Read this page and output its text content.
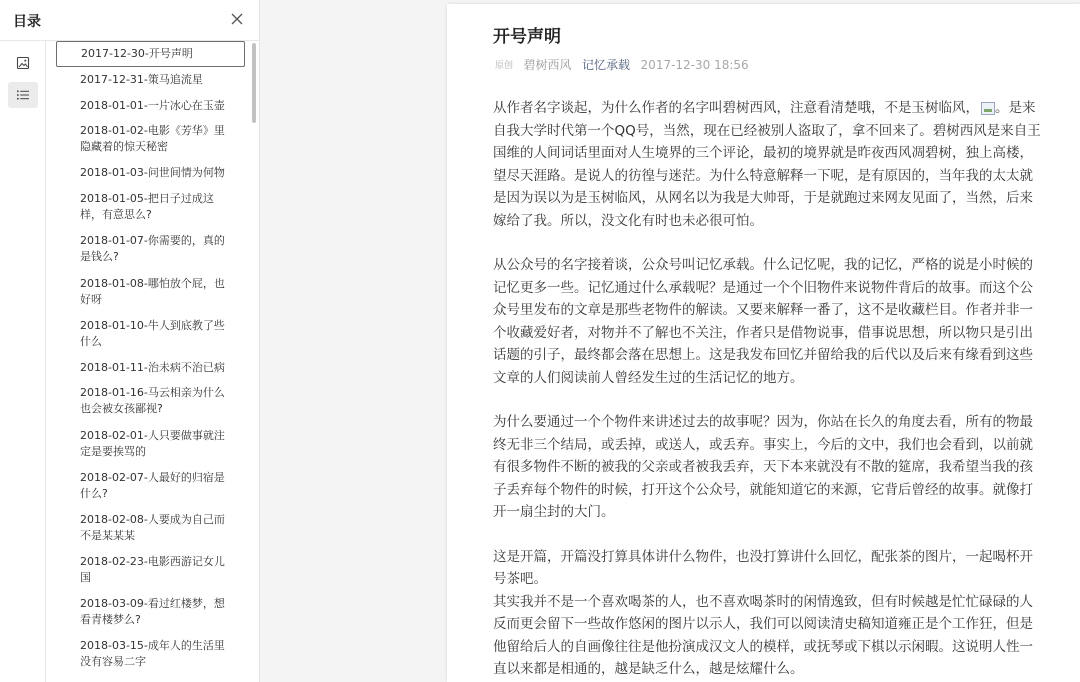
目录
2017-12-30-开号声明
2017-12-31-策马追流星
2018-01-01-一片冰心在玉壶
2018-01-02-电影《芳华》里隐藏着的惊天秘密
2018-01-03-问世间情为何物
2018-01-05-把日子过成这样，有意思么?
2018-01-07-你需要的，真的是钱么?
2018-01-08-哪怕放个屁，也好呀
2018-01-10-牛人到底教了些什么
2018-01-11-治未病不治已病
2018-01-16-马云相亲为什么也会被女孩鄙视?
2018-02-01-人只要做事就注定是要挨骂的
2018-02-07-人最好的归宿是什么?
2018-02-08-人要成为自己而不是某某某
2018-02-23-电影西游记女儿国
2018-03-09-看过红楼梦，想看青楼梦么?
2018-03-15-成年人的生活里没有容易二字
开号声明
原创 碧树西风 记忆承载 2017-12-30 18:56

从作者名字谈起，为什么作者的名字叫碧树西风，注意看清楚哦，不是玉树临风， 。是来自我大学时代第一个QQ号，当然，现在已经被别人盗取了，拿不回来了。碧树西风是来自王国维的人间词话里面对人生境界的三个评论，最初的境界就是昨夜西风凋碧树，独上高楼，望尽天涯路。是说人的彷徨与迷茫。为什么特意解释一下呢，是有原因的，当年我的太太就是因为误以为是玉树临风，从网名以为我是大帅哥，于是就跑过来网友见面了，当然，后来嫁给了我。所以，没文化有时也未必很可怕。

从公众号的名字接着谈，公众号叫记忆承载。什么记忆呢，我的记忆，严格的说是小时候的记忆更多一些。记忆通过什么承载呢？是通过一个个旧物件来说物件背后的故事。而这个公众号里发布的文章是那些老物件的解读。又要来解释一番了，这不是收藏栏目。作者并非一个收藏爱好者，对物并不了解也不关注，作者只是借物说事，借事说思想，所以物只是引出话题的引子，最终都会落在思想上。这是我发布回忆并留给我的后代以及后来有缘看到这些文章的人们阅读前人曾经发生过的生活记忆的地方。

为什么要通过一个个物件来讲述过去的故事呢？因为，你站在长久的角度去看，所有的物最终无非三个结局，或丢掉，或送人，或丢弃。事实上，今后的文中，我们也会看到，以前就有很多物件不断的被我的父亲或者被我丢弃，天下本来就没有不散的筵席，我希望当我的孩子丢弃每个物件的时候，打开这个公众号，就能知道它的来源，它背后曾经的故事。就像打开一扇尘封的大门。

这是开篇，开篇没打算具体讲什么物件，也没打算讲什么回忆，配张茶的图片，一起喝杯开号茶吧。

其实我并不是一个喜欢喝茶的人，也不喜欢喝茶时的闲情逸致，但有时候越是忙忙碌碌的人反而更会留下一些故作悠闲的图片以示人，我们可以阅读清史稿知道雍正是个工作狂，但是他留给后人的自画像往往是他扮演成汉文人的模样，或抚琴或下棋以示闲暇。这说明人性一直以来都是相通的，越是缺乏什么，越是炫耀什么。
